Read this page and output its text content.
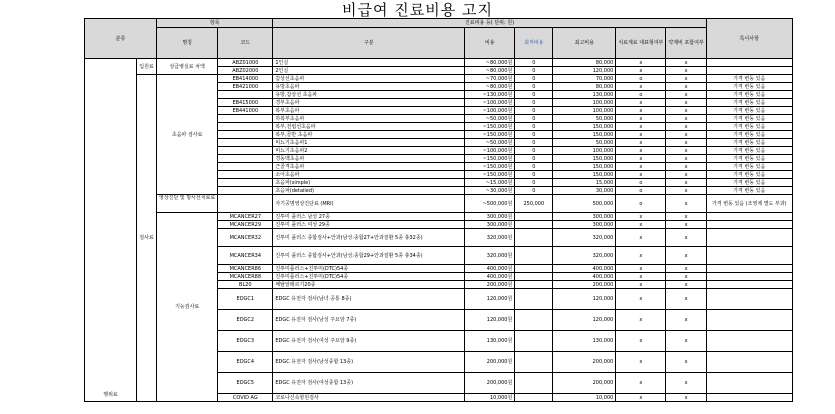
비급여 진료비용 고지
분류		항목		진료비용 등( 단위: 원)						특이사항
		명칭	코드	구분	비용	최저비용	최고비용	치료재료 대표형여부	약제비 포함여부	
행위료	입원료	상급병실료 차액	ABZ01000	1인실	~80,000원	0	80,000	x	x	
			ABZ02000	2인실	~80,000원	0	120,000	x	x	
	검사료	초음파 검사료	EB414000	갑상선초음파	~70,000원	0	70,000	o	x	가격 변동 있음
			EB421000	유방초음파	~80,000원	0	80,000	x	x	가격 변동 있음
				유방,갑상선 초음파	~130,000원	0	130,000	o	x	가격 변동 있음
			EB415000	경부초음파	~100,000원	0	100,000	x	x	가격 변동 있음
			EB441000	복부초음파	~100,000원	0	100,000	x	x	가격 변동 있음
				하복부초음파	~50,000원	0	50,000	x	x	가격 변동 있음
				복부,전립선초음파	~150,000원	0	150,000	x	x	가격 변동 있음
				복부,골반 초음파	~150,000원	0	150,000	x	x	가격 변동 있음
				비뇨기초음파1	~50,000원	0	50,000	x	x	가격 변동 있음
				비뇨기초음파2	~100,000원	0	100,000	x	x	가격 변동 있음
				경동맥초음파	~150,000원	0	150,000	x	x	가격 변동 있음
				근골격초음파	~150,000원	0	150,000	x	x	가격 변동 있음
				소아초음파	~150,000원	0	150,000	x	x	가격 변동 있음
				초음파(simple)	~15,000원	0	15,000	o	x	가격 변동 있음
				초음파(detailed)	~30,000원	0	30,000	o	x	가격 변동 있음
		영상진단 및 방사선치료료		자기공명영상진단료 (MRI)	~500,000원	250,000	500,000	o	x	가격 변동 있음 (조영제 별도 부과)
		기능검사료	MCANCER27	진투미 플러스 남성 27종	300,000원		300,000	x	x	
			MCANCER29	진투미 플러스 여성 29종	300,000원		300,000	x	x	
			MCANCER32	진투미 플러스 종합검사+안과(남성:종합27+안과질환 5종 총32종)	320,000원		320,000	x	x	
			MCANCER34	진투미 플러스 종합검사+안과(남성:종합29+안과질환 5종 총34종)	320,000원		320,000	x	x	
			MCANCER86	진투미플러스+진투미(DTC)54종	400,000원		400,000	x	x	
			MCANCER88	진투미플러스+진투미(DTC)54종	400,000원		400,000	x	x	
			BL20	메탈알레르기20종	200,000원		200,000	x	x	
			EDGC1	EDGC 유전자 검사(남녀 공통 8종)	120,000원		120,000	x	x	
			EDGC2	EDGC 유전자 검사(남성 주요암 7종)	120,000원		120,000	x	x	
			EDGC3	EDGC 유전자 검사(여성 주요암 9종)	130,000원		130,000	x	x	
			EDGC4	EDGC 유전자 검사(남성종합 13종)	200,000원		200,000	x	x	
			EDGC5	EDGC 유전자 검사(여성종합 13종)	200,000원		200,000	x	x	
			COVID AG	코로나신속항원검사	10,000원		10,000	x	x	
